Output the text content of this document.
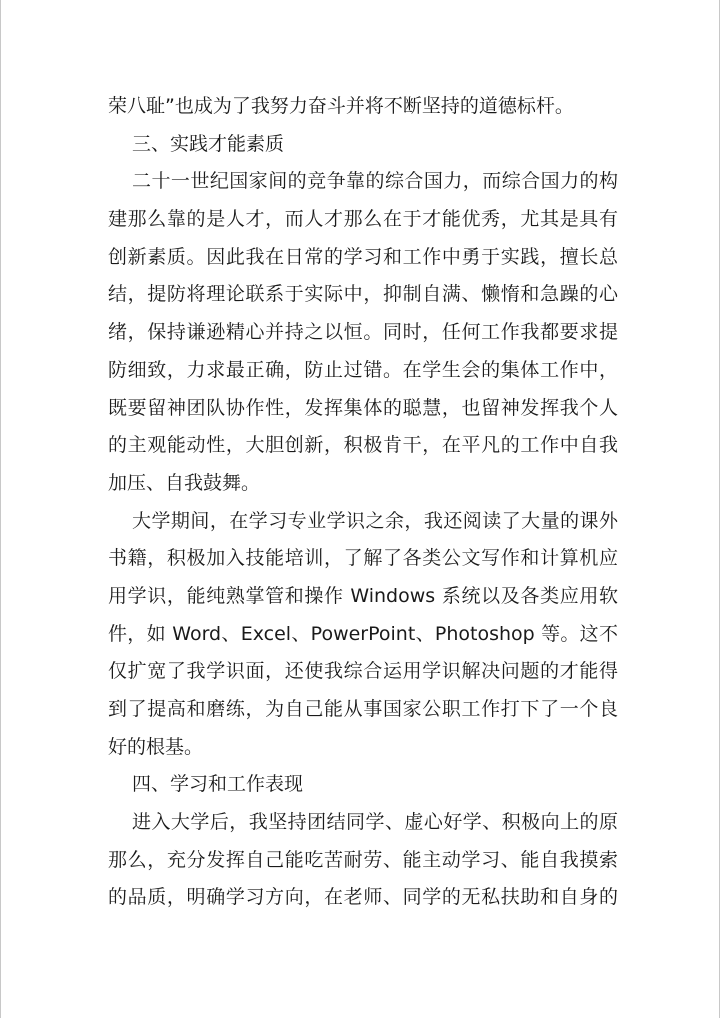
荣八耻”也成为了我努力奋斗并将不断坚持的道德标杆。
三、实践才能素质
二十一世纪国家间的竞争靠的综合国力，而综合国力的构
建那么靠的是人才，而人才那么在于才能优秀，尤其是具有
创新素质。因此我在日常的学习和工作中勇于实践，擅长总
结，提防将理论联系于实际中，抑制自满、懒惰和急躁的心
绪，保持谦逊精心并持之以恒。同时，任何工作我都要求提
防细致，力求最正确，防止过错。在学生会的集体工作中，
既要留神团队协作性，发挥集体的聪慧，也留神发挥我个人
的主观能动性，大胆创新，积极肯干，在平凡的工作中自我
加压、自我鼓舞。
大学期间，在学习专业学识之余，我还阅读了大量的课外
书籍，积极加入技能培训，了解了各类公文写作和计算机应
用学识，能纯熟掌管和操作 Windows 系统以及各类应用软
件，如 Word、Excel、PowerPoint、Photoshop 等。这不
仅扩宽了我学识面，还使我综合运用学识解决问题的才能得
到了提高和磨练，为自己能从事国家公职工作打下了一个良
好的根基。
四、学习和工作表现
进入大学后，我坚持团结同学、虚心好学、积极向上的原
那么，充分发挥自己能吃苦耐劳、能主动学习、能自我摸索
的品质，明确学习方向，在老师、同学的无私扶助和自身的
